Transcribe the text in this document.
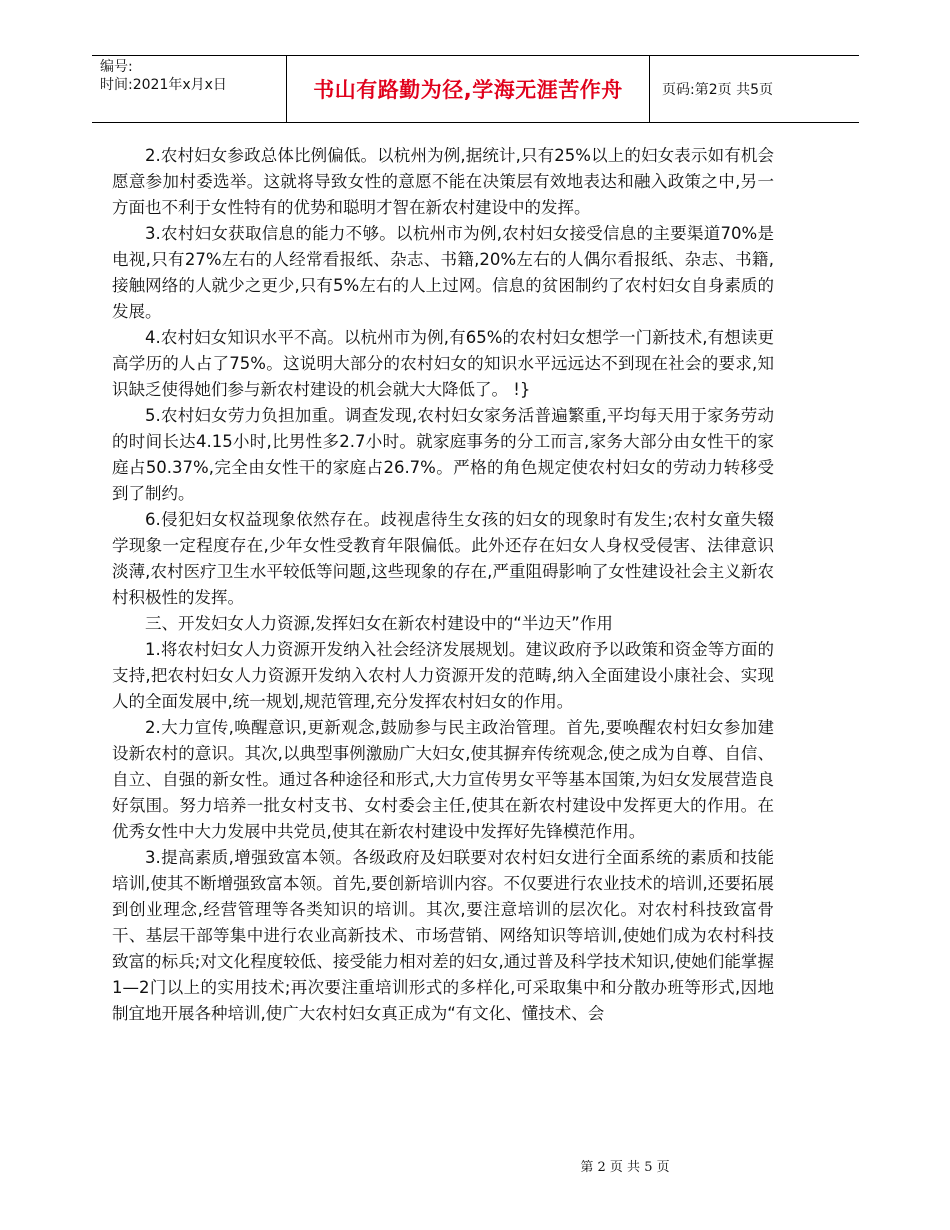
编号:
时间:2021年x月x日	书山有路勤为径,学海无涯苦作舟	页码:第2页 共5页

2.农村妇女参政总体比例偏低。以杭州为例,据统计,只有25%以上的妇女表示如有机会愿意参加村委选举。这就将导致女性的意愿不能在决策层有效地表达和融入政策之中,另一方面也不利于女性特有的优势和聪明才智在新农村建设中的发挥。

3.农村妇女获取信息的能力不够。以杭州市为例,农村妇女接受信息的主要渠道70%是电视,只有27%左右的人经常看报纸、杂志、书籍,20%左右的人偶尔看报纸、杂志、书籍,接触网络的人就少之更少,只有5%左右的人上过网。信息的贫困制约了农村妇女自身素质的发展。

4.农村妇女知识水平不高。以杭州市为例,有65%的农村妇女想学一门新技术,有想读更高学历的人占了75%。这说明大部分的农村妇女的知识水平远远达不到现在社会的要求,知识缺乏使得她们参与新农村建设的机会就大大降低了。 !}

5.农村妇女劳力负担加重。调查发现,农村妇女家务活普遍繁重,平均每天用于家务劳动的时间长达4.15小时,比男性多2.7小时。就家庭事务的分工而言,家务大部分由女性干的家庭占50.37%,完全由女性干的家庭占26.7%。严格的角色规定使农村妇女的劳动力转移受到了制约。

6.侵犯妇女权益现象依然存在。歧视虐待生女孩的妇女的现象时有发生;农村女童失辍学现象一定程度存在,少年女性受教育年限偏低。此外还存在妇女人身权受侵害、法律意识淡薄,农村医疗卫生水平较低等问题,这些现象的存在,严重阻碍影响了女性建设社会主义新农村积极性的发挥。

三、开发妇女人力资源,发挥妇女在新农村建设中的“半边天”作用

1.将农村妇女人力资源开发纳入社会经济发展规划。建议政府予以政策和资金等方面的支持,把农村妇女人力资源开发纳入农村人力资源开发的范畴,纳入全面建设小康社会、实现人的全面发展中,统一规划,规范管理,充分发挥农村妇女的作用。

2.大力宣传,唤醒意识,更新观念,鼓励参与民主政治管理。首先,要唤醒农村妇女参加建设新农村的意识。其次,以典型事例激励广大妇女,使其摒弃传统观念,使之成为自尊、自信、自立、自强的新女性。通过各种途径和形式,大力宣传男女平等基本国策,为妇女发展营造良好氛围。努力培养一批女村支书、女村委会主任,使其在新农村建设中发挥更大的作用。在优秀女性中大力发展中共党员,使其在新农村建设中发挥好先锋模范作用。

3.提高素质,增强致富本领。各级政府及妇联要对农村妇女进行全面系统的素质和技能培训,使其不断增强致富本领。首先,要创新培训内容。不仅要进行农业技术的培训,还要拓展到创业理念,经营管理等各类知识的培训。其次,要注意培训的层次化。对农村科技致富骨干、基层干部等集中进行农业高新技术、市场营销、网络知识等培训,使她们成为农村科技致富的标兵;对文化程度较低、接受能力相对差的妇女,通过普及科学技术知识,使她们能掌握1—2门以上的实用技术;再次要注重培训形式的多样化,可采取集中和分散办班等形式,因地制宜地开展各种培训,使广大农村妇女真正成为“有文化、懂技术、会

第 2 页 共 5 页
